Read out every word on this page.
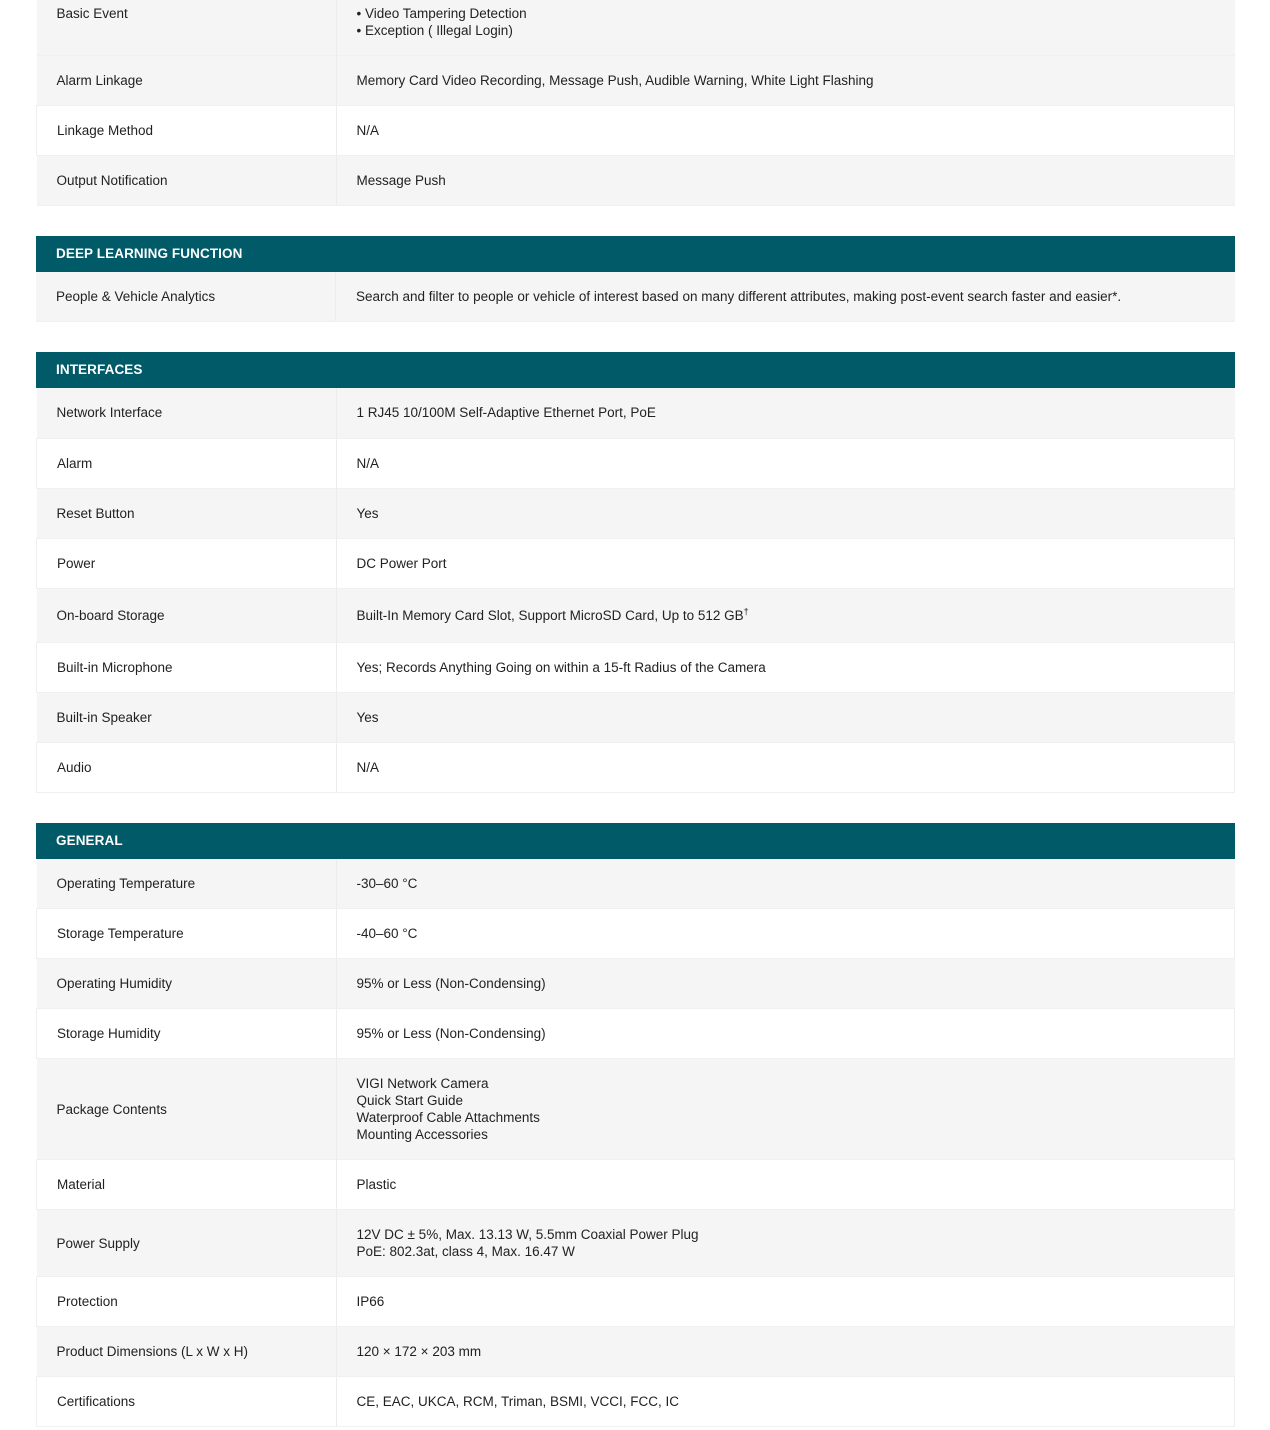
Basic Event	• Video Tampering Detection
• Exception ( Illegal Login)

Alarm Linkage	Memory Card Video Recording, Message Push, Audible Warning, White Light Flashing
Linkage Method	N/A
Output Notification	Message Push
DEEP LEARNING FUNCTION
People & Vehicle Analytics	Search and filter to people or vehicle of interest based on many different attributes, making post-event search faster and easier*.
INTERFACES
Network Interface	1 RJ45 10/100M Self-Adaptive Ethernet Port, PoE
Alarm	N/A
Reset Button	Yes
Power	DC Power Port
On-board Storage	Built-In Memory Card Slot, Support MicroSD Card, Up to 512 GB†
Built-in Microphone	Yes; Records Anything Going on within a 15-ft Radius of the Camera
Built-in Speaker	Yes
Audio	N/A
GENERAL
Operating Temperature	-30–60 °C
Storage Temperature	-40–60 °C
Operating Humidity	95% or Less (Non-Condensing)
Storage Humidity	95% or Less (Non-Condensing)
Package Contents	VIGI Network Camera
Quick Start Guide
Waterproof Cable Attachments
Mounting Accessories

Material	Plastic
Power Supply	12V DC ± 5%, Max. 13.13 W, 5.5mm Coaxial Power Plug
PoE: 802.3at, class 4, Max. 16.47 W

Protection	IP66
Product Dimensions (L x W x H)	120 × 172 × 203 mm
Certifications	CE, EAC, UKCA, RCM, Triman, BSMI, VCCI, FCC, IC
